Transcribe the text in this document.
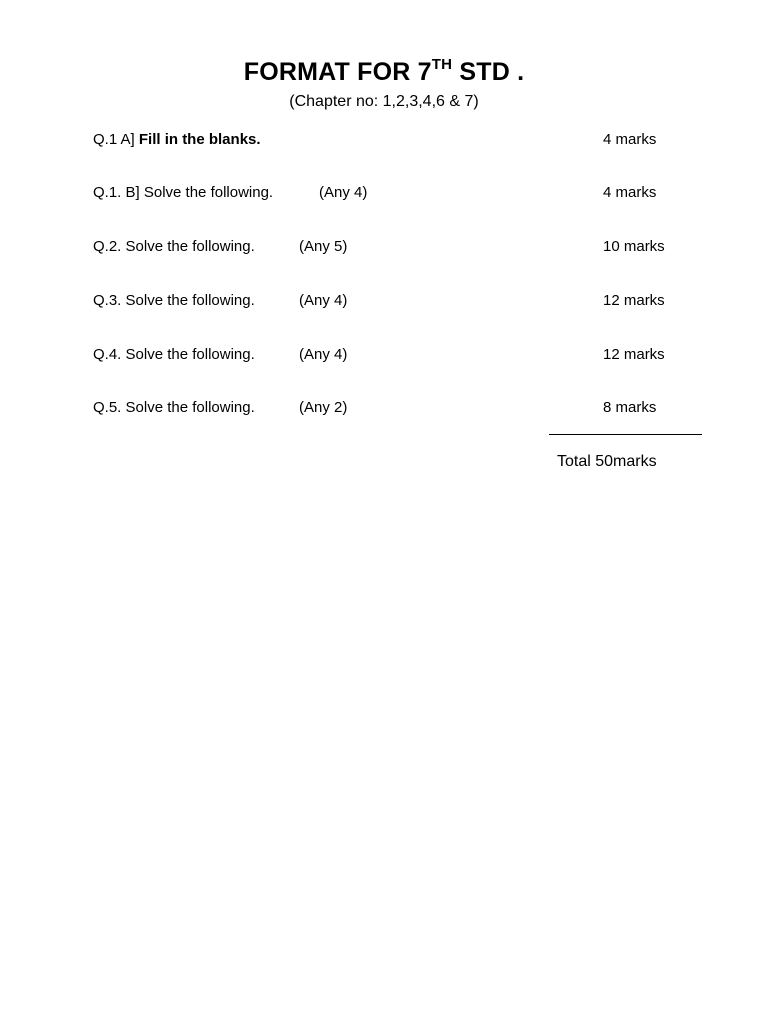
FORMAT FOR 7TH STD .
(Chapter no: 1,2,3,4,6 & 7)
Q.1 A] Fill in the blanks.	4 marks
Q.1. B] Solve the following.	(Any 4)	4 marks
Q.2. Solve the following.	(Any 5)	10 marks
Q.3. Solve the following.	(Any 4)	12 marks
Q.4. Solve the following.	(Any 4)	12 marks
Q.5. Solve the following.	(Any 2)	8 marks
Total 50marks
